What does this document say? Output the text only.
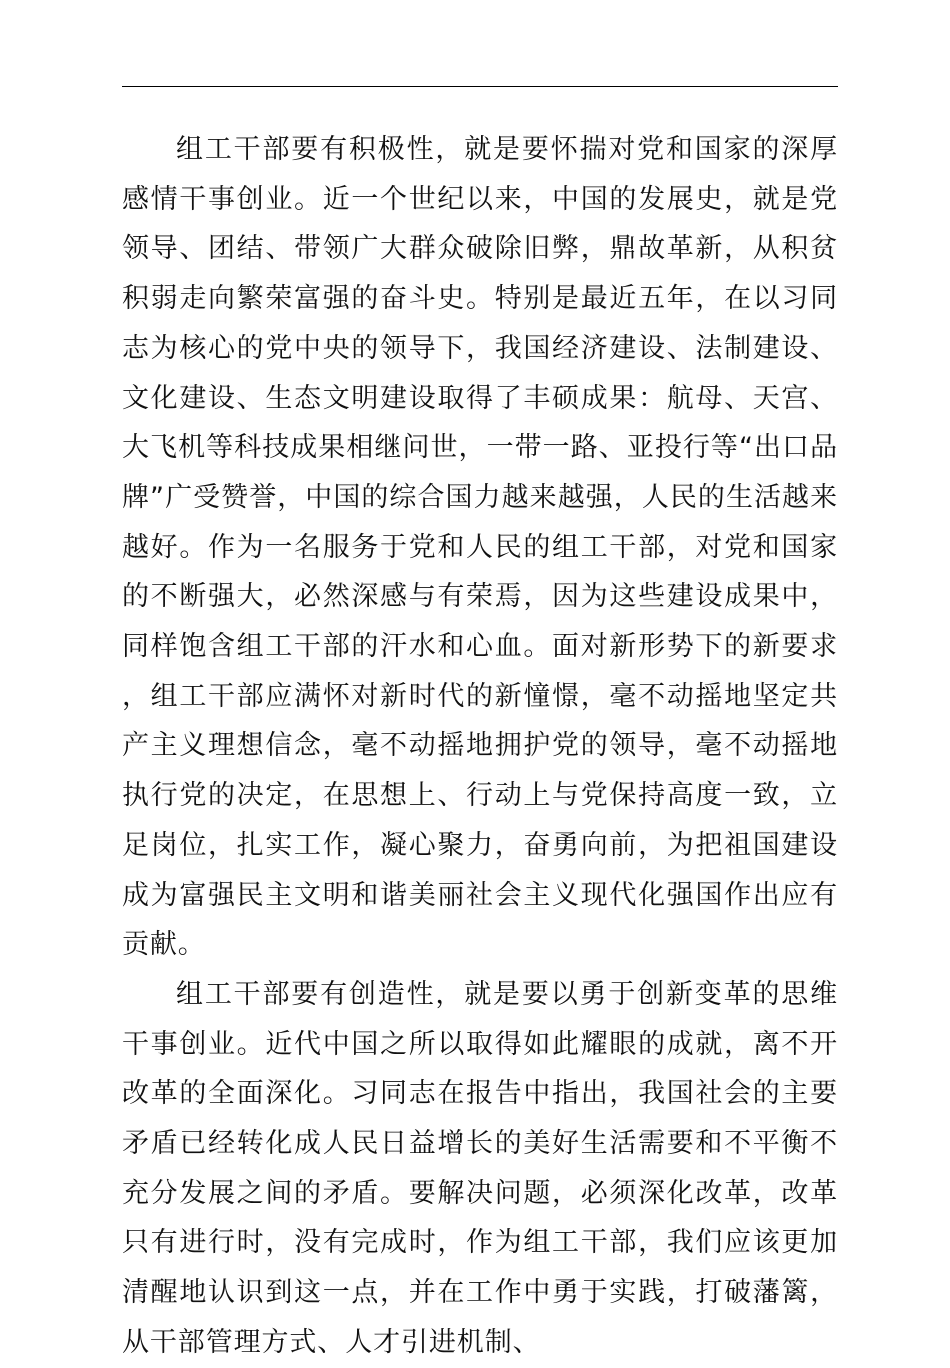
组工干部要有积极性，就是要怀揣对党和国家的深厚感情干事创业。近一个世纪以来，中国的发展史，就是党领导、团结、带领广大群众破除旧弊，鼎故革新，从积贫积弱走向繁荣富强的奋斗史。特别是最近五年，在以习同志为核心的党中央的领导下，我国经济建设、法制建设、文化建设、生态文明建设取得了丰硕成果：航母、天宫、大飞机等科技成果相继问世，一带一路、亚投行等“出口品牌”广受赞誉，中国的综合国力越来越强，人民的生活越来越好。作为一名服务于党和人民的组工干部，对党和国家的不断强大，必然深感与有荣焉，因为这些建设成果中，同样饱含组工干部的汗水和心血。面对新形势下的新要求，组工干部应满怀对新时代的新憧憬，毫不动摇地坚定共产主义理想信念，毫不动摇地拥护党的领导，毫不动摇地执行党的决定，在思想上、行动上与党保持高度一致，立足岗位，扎实工作，凝心聚力，奋勇向前，为把祖国建设成为富强民主文明和谐美丽社会主义现代化强国作出应有贡献。

组工干部要有创造性，就是要以勇于创新变革的思维干事创业。近代中国之所以取得如此耀眼的成就，离不开改革的全面深化。习同志在报告中指出，我国社会的主要矛盾已经转化成人民日益增长的美好生活需要和不平衡不充分发展之间的矛盾。要解决问题，必须深化改革，改革只有进行时，没有完成时，作为组工干部，我们应该更加清醒地认识到这一点，并在工作中勇于实践，打破藩篱，从干部管理方式、人才引进机制、
